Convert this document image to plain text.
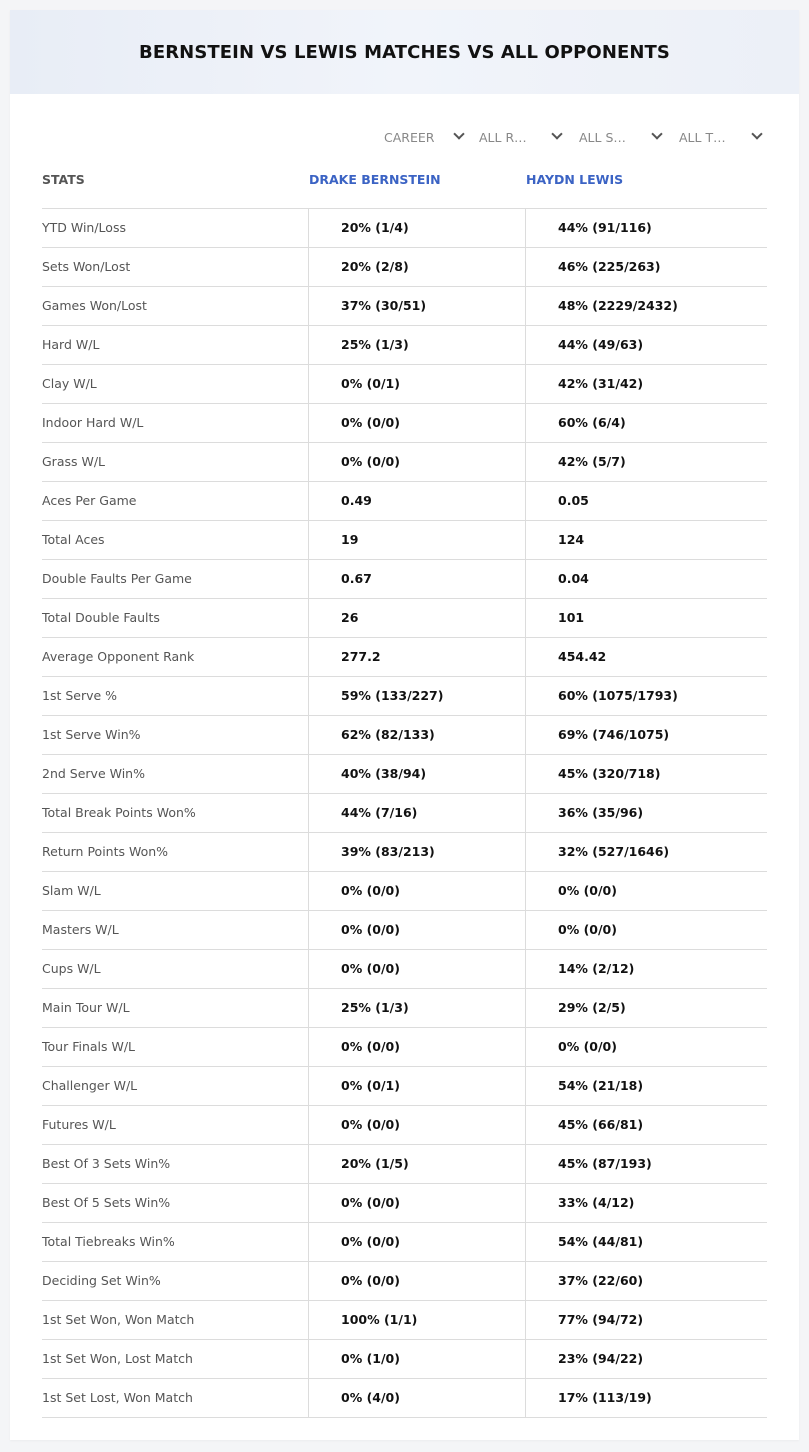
BERNSTEIN VS LEWIS MATCHES VS ALL OPPONENTS
CAREER	ALL R…	ALL S…	ALL T…
STATS	DRAKE BERNSTEIN	HAYDN LEWIS
YTD Win/Loss	20% (1/4)	44% (91/116)
Sets Won/Lost	20% (2/8)	46% (225/263)
Games Won/Lost	37% (30/51)	48% (2229/2432)
Hard W/L	25% (1/3)	44% (49/63)
Clay W/L	0% (0/1)	42% (31/42)
Indoor Hard W/L	0% (0/0)	60% (6/4)
Grass W/L	0% (0/0)	42% (5/7)
Aces Per Game	0.49	0.05
Total Aces	19	124
Double Faults Per Game	0.67	0.04
Total Double Faults	26	101
Average Opponent Rank	277.2	454.42
1st Serve %	59% (133/227)	60% (1075/1793)
1st Serve Win%	62% (82/133)	69% (746/1075)
2nd Serve Win%	40% (38/94)	45% (320/718)
Total Break Points Won%	44% (7/16)	36% (35/96)
Return Points Won%	39% (83/213)	32% (527/1646)
Slam W/L	0% (0/0)	0% (0/0)
Masters W/L	0% (0/0)	0% (0/0)
Cups W/L	0% (0/0)	14% (2/12)
Main Tour W/L	25% (1/3)	29% (2/5)
Tour Finals W/L	0% (0/0)	0% (0/0)
Challenger W/L	0% (0/1)	54% (21/18)
Futures W/L	0% (0/0)	45% (66/81)
Best Of 3 Sets Win%	20% (1/5)	45% (87/193)
Best Of 5 Sets Win%	0% (0/0)	33% (4/12)
Total Tiebreaks Win%	0% (0/0)	54% (44/81)
Deciding Set Win%	0% (0/0)	37% (22/60)
1st Set Won, Won Match	100% (1/1)	77% (94/72)
1st Set Won, Lost Match	0% (1/0)	23% (94/22)
1st Set Lost, Won Match	0% (4/0)	17% (113/19)
